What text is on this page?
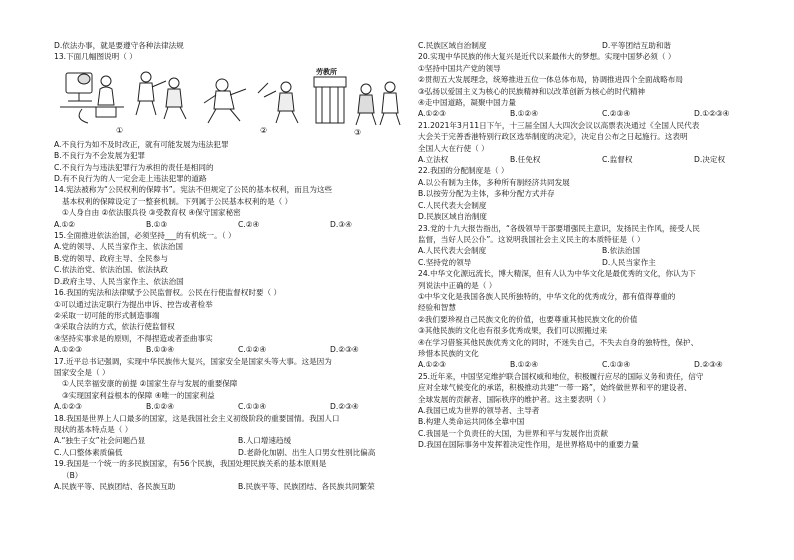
D.依法办事，就是要遵守各种法律法规
13.下面几幅图说明（ ）
①	②
劳教所
③
A.不良行为如不及时改正，就有可能发展为违法犯罪
B.不良行为不会发展为犯罪
C.不良行为与违法犯罪行为承担的责任是相同的
D.有不良行为的人一定会走上违法犯罪的道路
14.宪法被称为“公民权利的保障书”。宪法不但规定了公民的基本权利，而且为这些
基本权利的保障设定了一整套机制。下列属于公民基本权利的是（ ）
①人身自由 ②依法服兵役 ③受教育权 ④保守国家秘密
A.①②	B.①③	C.②④	D.③④
15.全面推进依法治国，必须坚持___的有机统一。（ ）
A.党的领导、人民当家作主、依法治国
B.党的领导、政府主导、全民参与
C.依法治党、依法治国、依法执政
D.政府主导、人民当家作主、依法治国
16.我国的宪法和法律赋予公民监督权。公民在行使监督权时要（ ）
①可以通过法定职行为提出申诉、控告或者检举
②采取一切可能的形式制造事端
③采取合法的方式，依法行使监督权
④坚持实事求是的原则，不得捏造或者歪曲事实
A.①②③	B.①③④	C.①②④	D.②③④
17.近平总书记强调，实现中华民族伟大复兴，国家安全是国家头等大事。这是因为
国家安全是（ ）
①人民幸福安康的前提 ②国家生存与发展的重要保障
③实现国家利益根本的保障 ④唯一的国家利益
A.①②③	B.①②④	C.①③④	D.②③④
18.我国是世界上人口最多的国家，这是我国社会主义初级阶段的重要国情。我国人口
现状的基本特点是（ ）
A.“独生子女”社会问题凸显	B.人口增速趋缓
C.人口整体素质偏低	D.老龄化加剧、出生人口男女性别比偏高
19.我国是一个统一的多民族国家，有56个民族，我国处理民族关系的基本原则是
（B）
A.民族平等、民族团结、各民族互助	B.民族平等、民族团结、各民族共同繁荣
C.民族区域自治制度	D.平等团结互助和谐
20.实现中华民族的伟大复兴是近代以来最伟大的梦想。实现中国梦必须（ ）
①坚持中国共产党的领导
②贯彻五大发展理念，统筹推进五位一体总体布局，协调推进四个全面战略布局
③弘扬以爱国主义为核心的民族精神和以改革创新为核心的时代精神
④走中国道路，凝聚中国力量
A.①②③	B.①②④	C.②③④	D.①②③④
21.2021年3月11日下午，十三届全国人大四次会议以高票表决通过《全国人民代表
大会关于完善香港特别行政区选举制度的决定》，决定自公布之日起施行。这表明
全国人大在行使（ ）
A.立法权	B.任免权	C.监督权	D.决定权
22.我国的分配制度是（ ）
A.以公有制为主体，多种所有制经济共同发展
B.以按劳分配为主体，多种分配方式并存
C.人民代表大会制度
D.民族区域自治制度
23.党的十九大报告指出，“各级领导干部要增强民主意识，发扬民主作风，接受人民
监督，当好人民公仆”。这说明我国社会主义民主的本质特征是（ ）
A.人民代表大会制度	B.依法治国
C.坚持党的领导	D.人民当家作主
24.中华文化源远流长，博大精深，但有人认为中华文化是最优秀的文化，你认为下
列说法中正确的是（ ）
①中华文化是我国各族人民所独特的，中华文化的优秀成分，都有值得尊重的
经验和智慧
②我们要珍视自己民族文化的价值，也要尊重其他民族文化的价值
③其他民族的文化也有很多优秀成果，我们可以照搬过来
④在学习借鉴其他民族优秀文化的同时，不迷失自己，不失去自身的独特性，保护、
珍惜本民族的文化
A.①②③	B.①②④	C.①③④	D.②③④
25.近年来，中国坚定维护联合国权威和地位，积极履行应尽的国际义务和责任，信守
应对全球气候变化的承诺，积极推动共建“一带一路”，始终做世界和平的建设者、
全球发展的贡献者、国际秩序的维护者。这主要表明（ ）
A.我国已成为世界的领导者、主导者
B.构建人类命运共同体全靠中国
C.我国是一个负责任的大国，为世界和平与发展作出贡献
D.我国在国际事务中发挥着决定性作用，是世界格局中的重要力量
